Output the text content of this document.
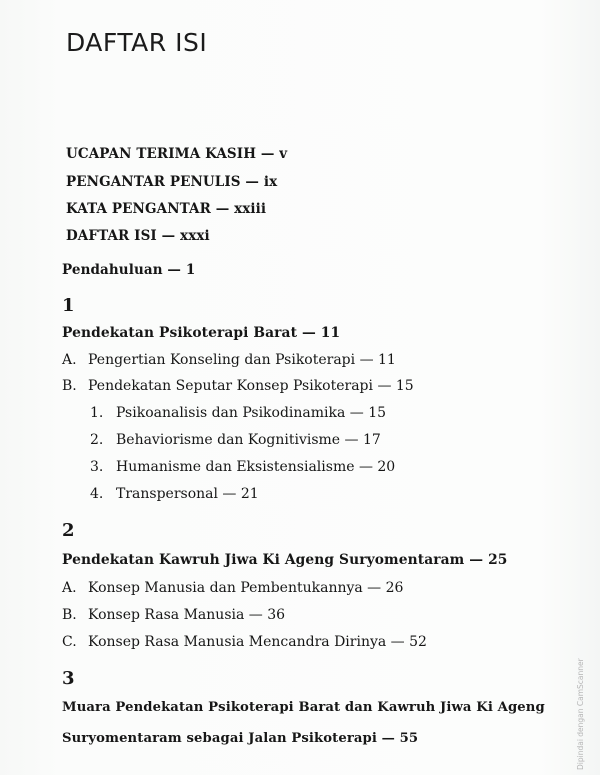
DAFTAR ISI
UCAPAN TERIMA KASIH — v
PENGANTAR PENULIS — ix
KATA PENGANTAR — xxiii
DAFTAR ISI — xxxi
Pendahuluan — 1
1
Pendekatan Psikoterapi Barat — 11
A. Pengertian Konseling dan Psikoterapi — 11
B. Pendekatan Seputar Konsep Psikoterapi — 15
1. Psikoanalisis dan Psikodinamika — 15
2. Behaviorisme dan Kognitivisme — 17
3. Humanisme dan Eksistensialisme — 20
4. Transpersonal — 21
2
Pendekatan Kawruh Jiwa Ki Ageng Suryomentaram — 25
A. Konsep Manusia dan Pembentukannya — 26
B. Konsep Rasa Manusia — 36
C. Konsep Rasa Manusia Mencandra Dirinya — 52
3
Muara Pendekatan Psikoterapi Barat dan Kawruh Jiwa Ki Ageng
Suryomentaram sebagai Jalan Psikoterapi — 55	Dipindai dengan CamScanner
